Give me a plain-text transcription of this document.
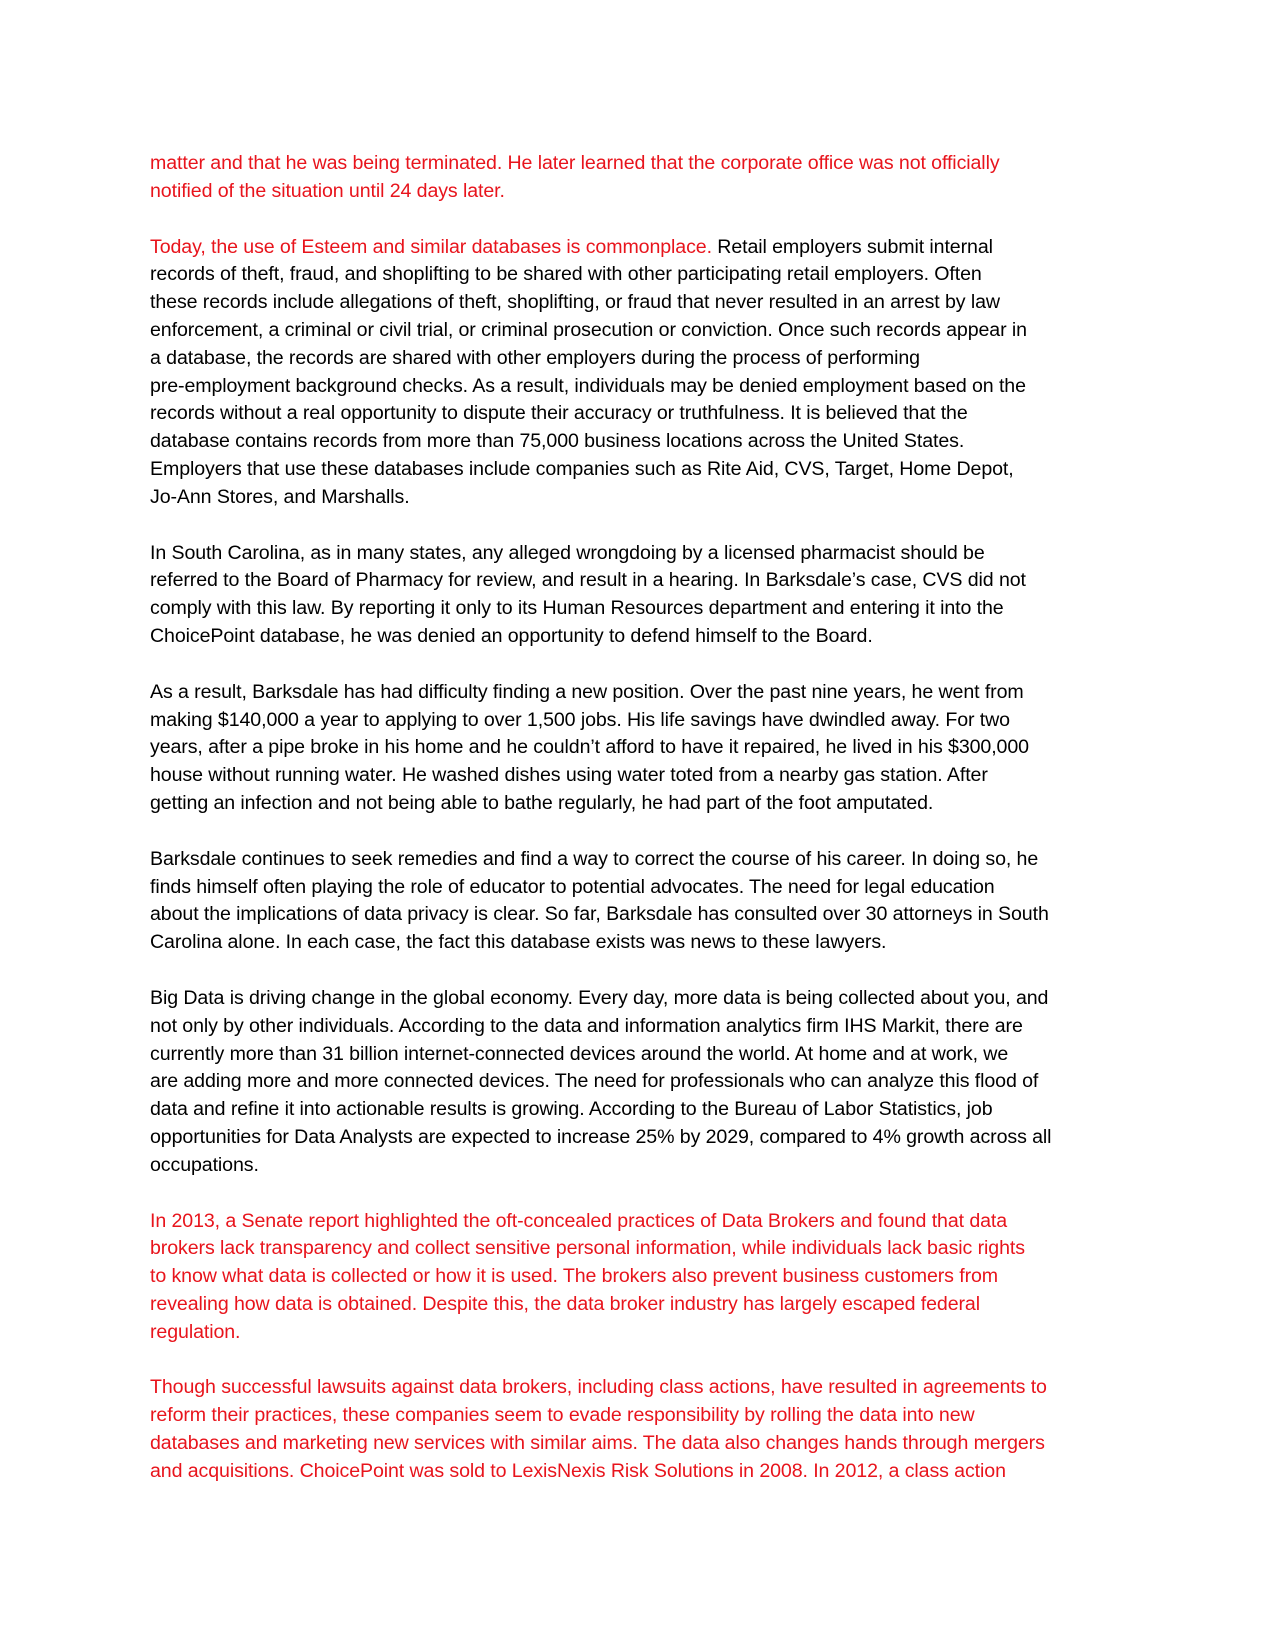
matter and that he was being terminated. He later learned that the corporate office was not officially
notified of the situation until 24 days later.

Today, the use of Esteem and similar databases is commonplace. Retail employers submit internal
records of theft, fraud, and shoplifting to be shared with other participating retail employers. Often
these records include allegations of theft, shoplifting, or fraud that never resulted in an arrest by law
enforcement, a criminal or civil trial, or criminal prosecution or conviction. Once such records appear in
a database, the records are shared with other employers during the process of performing
pre-employment background checks. As a result, individuals may be denied employment based on the
records without a real opportunity to dispute their accuracy or truthfulness. It is believed that the
database contains records from more than 75,000 business locations across the United States.
Employers that use these databases include companies such as Rite Aid, CVS, Target, Home Depot,
Jo-Ann Stores, and Marshalls.

In South Carolina, as in many states, any alleged wrongdoing by a licensed pharmacist should be
referred to the Board of Pharmacy for review, and result in a hearing. In Barksdale’s case, CVS did not
comply with this law. By reporting it only to its Human Resources department and entering it into the
ChoicePoint database, he was denied an opportunity to defend himself to the Board.

As a result, Barksdale has had difficulty finding a new position. Over the past nine years, he went from
making $140,000 a year to applying to over 1,500 jobs. His life savings have dwindled away. For two
years, after a pipe broke in his home and he couldn’t afford to have it repaired, he lived in his $300,000
house without running water. He washed dishes using water toted from a nearby gas station. After
getting an infection and not being able to bathe regularly, he had part of the foot amputated.

Barksdale continues to seek remedies and find a way to correct the course of his career. In doing so, he
finds himself often playing the role of educator to potential advocates. The need for legal education
about the implications of data privacy is clear. So far, Barksdale has consulted over 30 attorneys in South
Carolina alone. In each case, the fact this database exists was news to these lawyers.

Big Data is driving change in the global economy. Every day, more data is being collected about you, and
not only by other individuals. According to the data and information analytics firm IHS Markit, there are
currently more than 31 billion internet-connected devices around the world. At home and at work, we
are adding more and more connected devices. The need for professionals who can analyze this flood of
data and refine it into actionable results is growing. According to the Bureau of Labor Statistics, job
opportunities for Data Analysts are expected to increase 25% by 2029, compared to 4% growth across all
occupations.

In 2013, a Senate report highlighted the oft-concealed practices of Data Brokers and found that data
brokers lack transparency and collect sensitive personal information, while individuals lack basic rights
to know what data is collected or how it is used. The brokers also prevent business customers from
revealing how data is obtained. Despite this, the data broker industry has largely escaped federal
regulation.

Though successful lawsuits against data brokers, including class actions, have resulted in agreements to
reform their practices, these companies seem to evade responsibility by rolling the data into new
databases and marketing new services with similar aims. The data also changes hands through mergers
and acquisitions. ChoicePoint was sold to LexisNexis Risk Solutions in 2008. In 2012, a class action
